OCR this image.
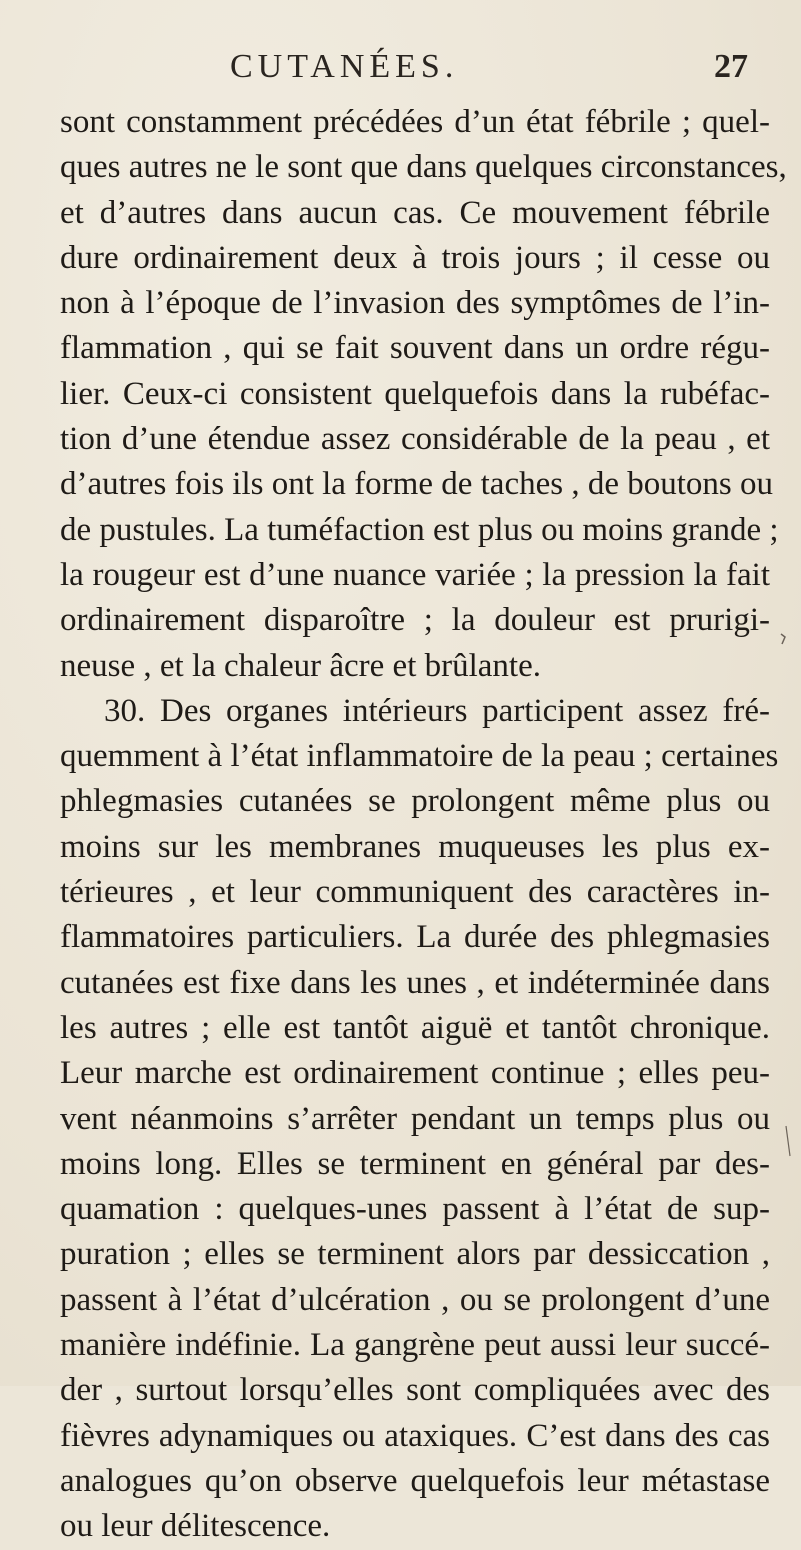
CUTANÉES.	27
sont constamment précédées d’un état fébrile ; quel-
ques autres ne le sont que dans quelques circonstances,
et d’autres dans aucun cas. Ce mouvement fébrile
dure ordinairement deux à trois jours ; il cesse ou
non à l’époque de l’invasion des symptômes de l’in-
flammation , qui se fait souvent dans un ordre régu-
lier. Ceux-ci consistent quelquefois dans la rubéfac-
tion d’une étendue assez considérable de la peau , et
d’autres fois ils ont la forme de taches , de boutons ou
de pustules. La tuméfaction est plus ou moins grande ;
la rougeur est d’une nuance variée ; la pression la fait
ordinairement disparoître ; la douleur est prurigi-
neuse , et la chaleur âcre et brûlante.
30. Des organes intérieurs participent assez fré-
quemment à l’état inflammatoire de la peau ; certaines
phlegmasies cutanées se prolongent même plus ou
moins sur les membranes muqueuses les plus ex-
térieures , et leur communiquent des caractères in-
flammatoires particuliers. La durée des phlegmasies
cutanées est fixe dans les unes , et indéterminée dans
les autres ; elle est tantôt aiguë et tantôt chronique.
Leur marche est ordinairement continue ; elles peu-
vent néanmoins s’arrêter pendant un temps plus ou
moins long. Elles se terminent en général par des-
quamation : quelques-unes passent à l’état de sup-
puration ; elles se terminent alors par dessiccation ,
passent à l’état d’ulcération , ou se prolongent d’une
manière indéfinie. La gangrène peut aussi leur succé-
der , surtout lorsqu’elles sont compliquées avec des
fièvres adynamiques ou ataxiques. C’est dans des cas
analogues qu’on observe quelquefois leur métastase
ou leur délitescence.
